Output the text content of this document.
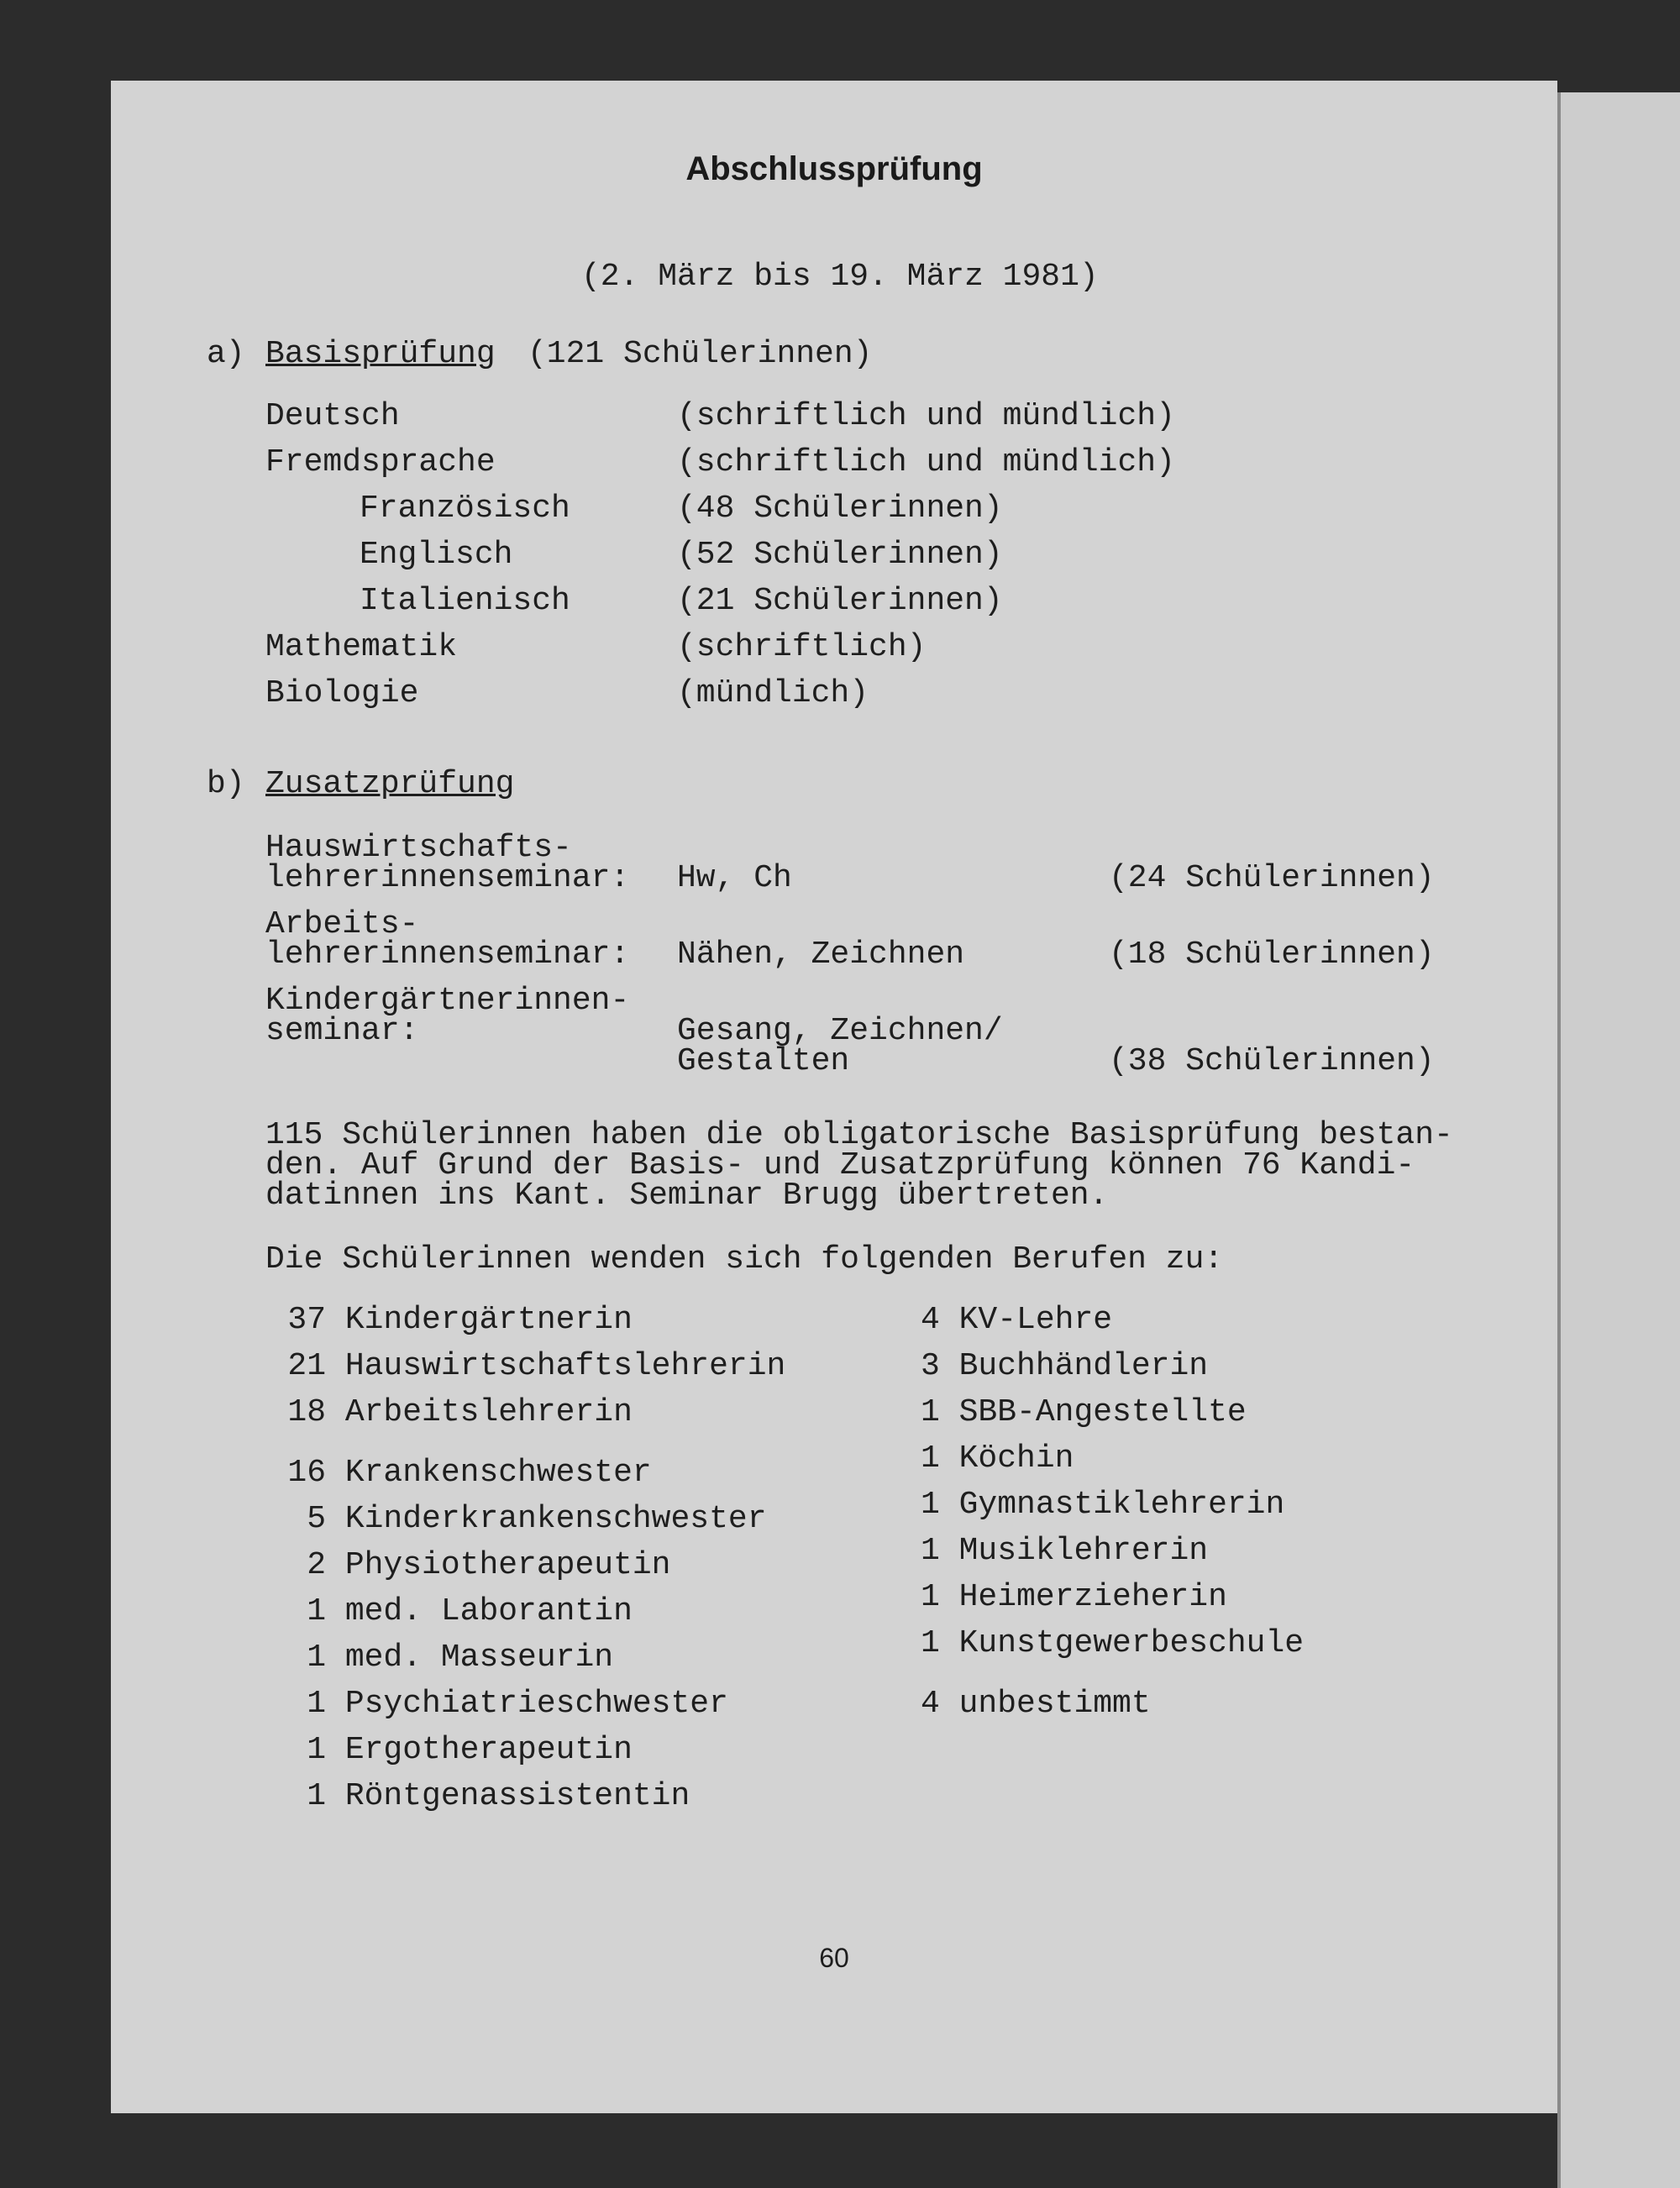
Abschlussprüfung
(2. März bis 19. März 1981)
a) Basisprüfung (121 Schülerinnen)
Deutsch	(schriftlich und mündlich)
Fremdsprache	(schriftlich und mündlich)
Französisch	(48 Schülerinnen)
Englisch	(52 Schülerinnen)
Italienisch	(21 Schülerinnen)
Mathematik	(schriftlich)
Biologie	(mündlich)
b) Zusatzprüfung
Hauswirtschafts-
lehrerinnenseminar: Hw, Ch	(24 Schülerinnen)
Arbeits-
lehrerinnenseminar: Nähen, Zeichnen	(18 Schülerinnen)
Kindergärtnerinnen-
seminar:	Gesang, Zeichnen/
Gestalten	(38 Schülerinnen)
115 Schülerinnen haben die obligatorische Basisprüfung bestan-
den. Auf Grund der Basis- und Zusatzprüfung können 76 Kandi-
datinnen ins Kant. Seminar Brugg übertreten.
Die Schülerinnen wenden sich folgenden Berufen zu:
37 Kindergärtnerin
21 Hauswirtschaftslehrerin
18 Arbeitslehrerin
16 Krankenschwester
5 Kinderkrankenschwester
2 Physiotherapeutin
1 med. Laborantin
1 med. Masseurin
1 Psychiatrieschwester
1 Ergotherapeutin
1 Röntgenassistentin
4 KV-Lehre
3 Buchhändlerin
1 SBB-Angestellte
1 Köchin
1 Gymnastiklehrerin
1 Musiklehrerin
1 Heimerzieherin
1 Kunstgewerbeschule
4 unbestimmt
60
